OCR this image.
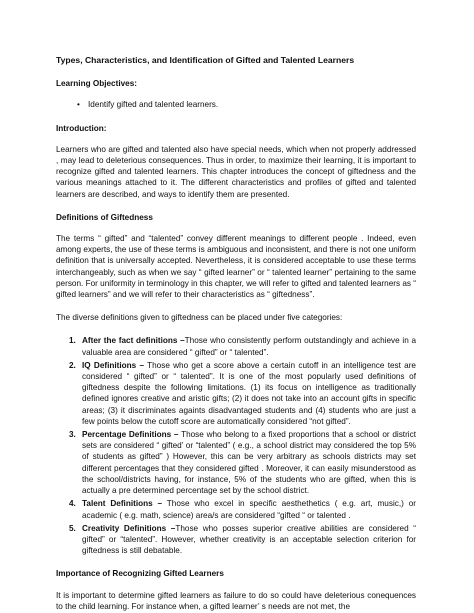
Types, Characteristics, and Identification of Gifted and Talented Learners

Learning Objectives:

• Identify gifted and talented learners.

Introduction:

Learners who are gifted and talented also have special needs, which when not properly addressed , may lead to deleterious consequences. Thus in order, to maximize their learning, it is important to recognize gifted and talented learners. This chapter introduces the concept of giftedness and the various meanings attached to it. The different characteristics and profiles of gifted and talented learners are described, and ways to identify them are presented.

Definitions of Giftedness

The terms “ gifted” and “talented” convey different meanings to different people . Indeed, even among experts, the use of these terms is ambiguous and inconsistent, and there is not one uniform definition that is universally accepted. Nevertheless, it is considered acceptable to use these terms interchangeably, such as when we say “ gifted learner” or “ talented learner” pertaining to the same person. For uniformity in terminology in this chapter, we will refer to gifted and talented learners as “ gifted learners” and we will refer to their characteristics as “ giftedness”.

The diverse definitions given to giftedness can be placed under five categories:

1. After the fact definitions –Those who consistently perform outstandingly and achieve in a valuable area are considered “ gifted” or “ talented”.
2. IQ Definitions – Those who get a score above a certain cutoff in an intelligence test are considered “ gifted” or “ talented”. It is one of the most popularly used definitions of giftedness despite the following limitations. (1) its focus on intelligence as traditionally defined ignores creative and aristic gifts; (2) it does not take into an account gifts in specific areas; (3) it discriminates againts disadvantaged students and (4) students who are just a few points below the cutoff score are automatically considered “not gifted”.
3. Percentage Definitions – Those who belong to a fixed proportions that a school or district sets are considered “ gifted’ or “talented” ( e.g., a school district may considered the top 5% of students as gifted” ) However, this can be very arbitrary as schools districts may set different percentages that they considered gifted . Moreover, it can easily misunderstood as the school/districts having, for instance, 5% of the students who are gifted, when this is actually a pre determined percentage set by the school district.
4. Talent Definitions – Those who excel in specific aesthethetics ( e.g. art, music,) or academic ( e.g. math, science) area/s are considered “gifted “ or talented .
5. Creativity Definitions –Those who posses superior creative abilities are considered “ gifted” or “talented”. However, whether creativity is an acceptable selection criterion for giftedness is still debatable.

Importance of Recognizing Gifted Learners

It is important to determine gifted learners as failure to do so could have deleterious conequences to the child learning. For instance when, a gifted learner’ s needs are not met, the
